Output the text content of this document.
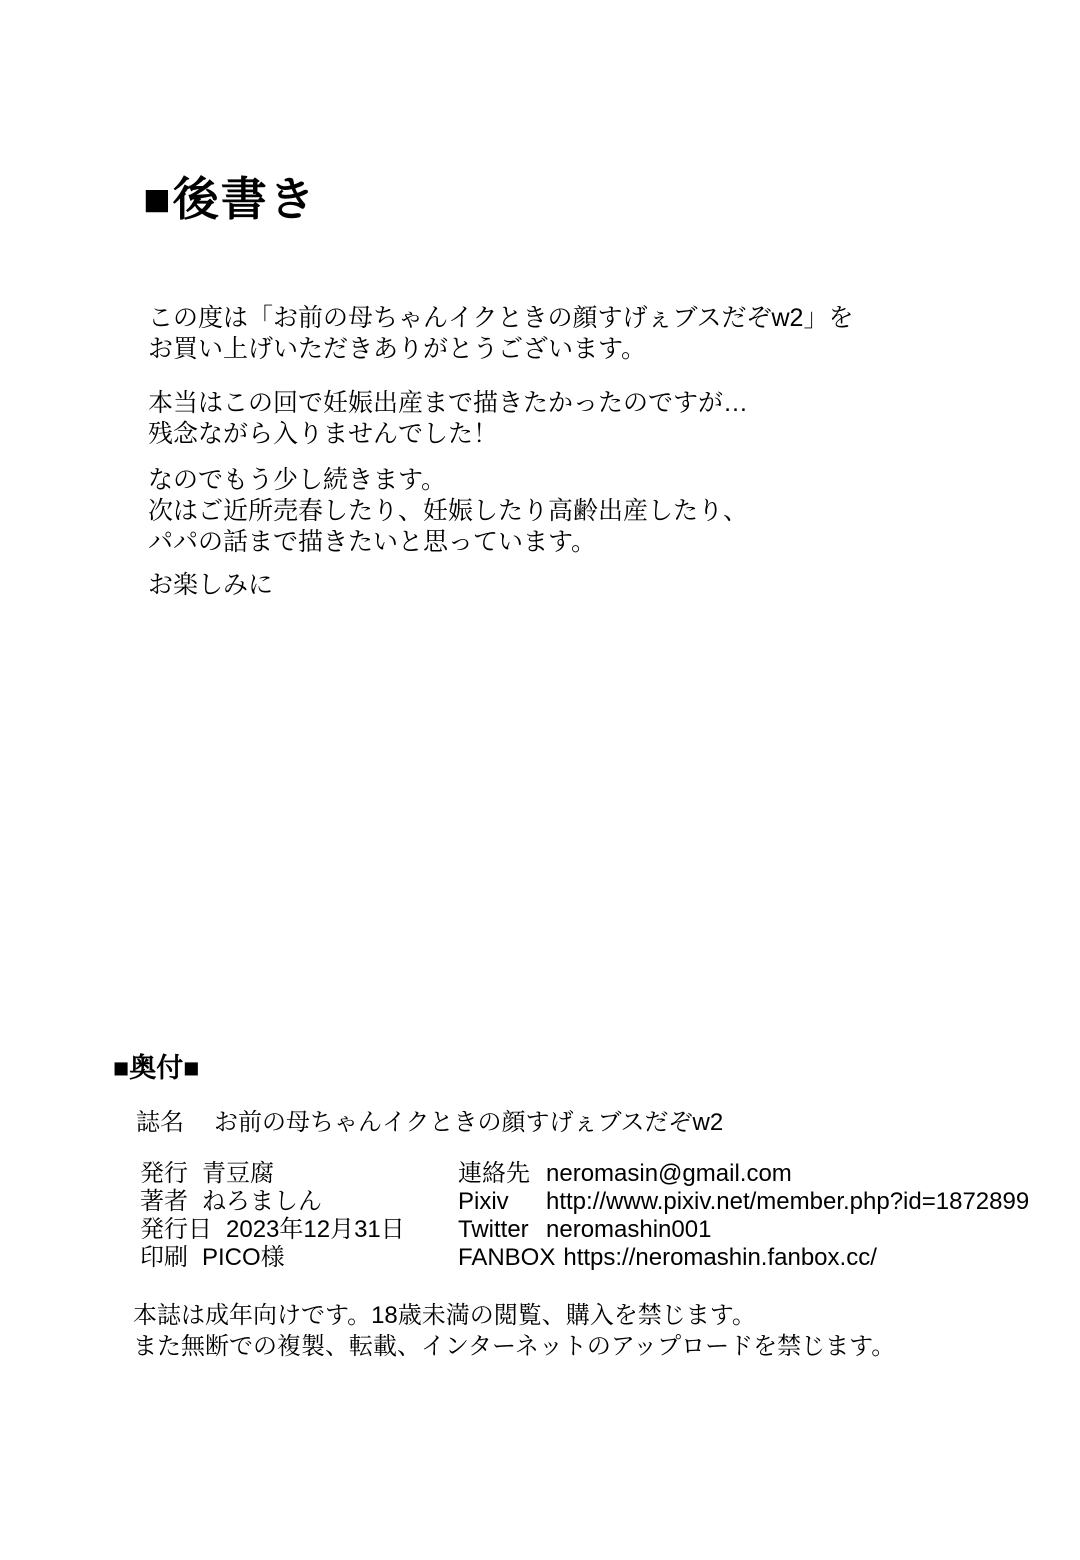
■後書き

この度は「お前の母ちゃんイクときの顔すげぇブスだぞw2」を
お買い上げいただきありがとうございます。

本当はこの回で妊娠出産まで描きたかったのですが…
残念ながら入りませんでした！

なのでもう少し続きます。
次はご近所売春したり、妊娠したり高齢出産したり、
パパの話まで描きたいと思っています。

お楽しみに

■奥付■
誌名 お前の母ちゃんイクときの顔すげぇブスだぞw2
発行 青豆腐
著者 ねろましん
発行日 2023年12月31日
印刷 PICO様
連絡先 neromasin@gmail.com
Pixiv http://www.pixiv.net/member.php?id=1872899
Twitter neromashin001
FANBOX https://neromashin.fanbox.cc/

本誌は成年向けです。18歳未満の閲覧、購入を禁じます。
また無断での複製、転載、インターネットのアップロードを禁じます。
